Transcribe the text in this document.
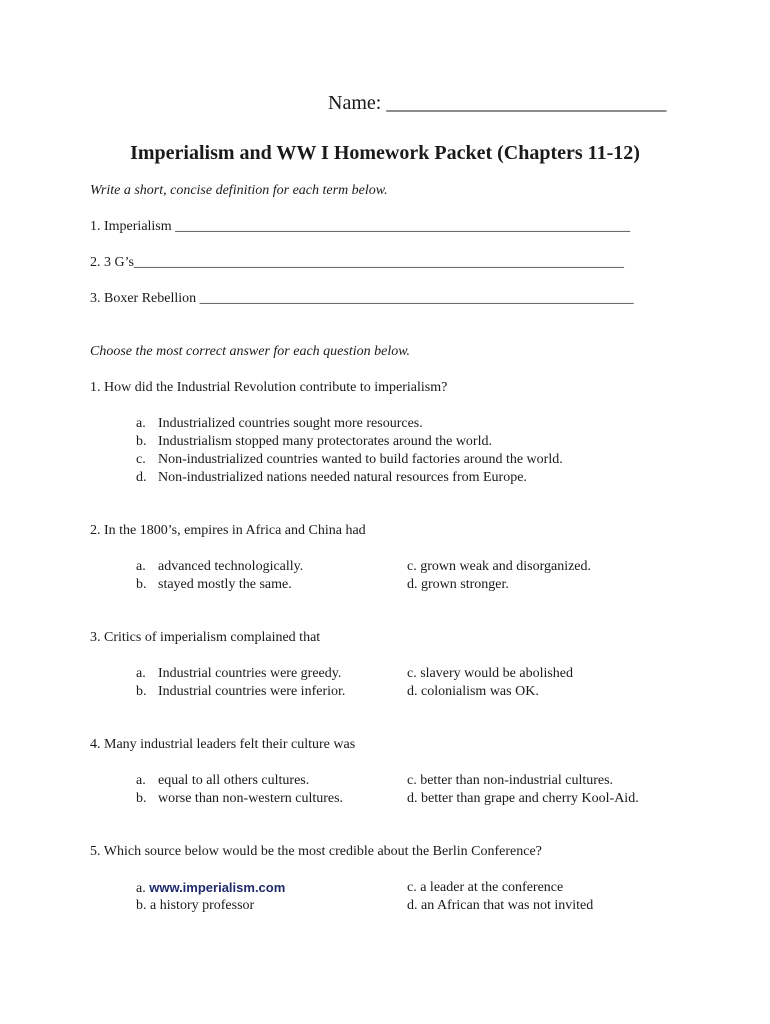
Name: ____________________________
Imperialism and WW I Homework Packet (Chapters 11-12)
Write a short, concise definition for each term below.
1. Imperialism _________________________________________________________________
2. 3 G’s______________________________________________________________________
3. Boxer Rebellion ______________________________________________________________
Choose the most correct answer for each question below.
1. How did the Industrial Revolution contribute to imperialism?
a. Industrialized countries sought more resources.
b. Industrialism stopped many protectorates around the world.
c. Non-industrialized countries wanted to build factories around the world.
d. Non-industrialized nations needed natural resources from Europe.
2. In the 1800’s, empires in Africa and China had
a. advanced technologically.
b. stayed mostly the same.
c. grown weak and disorganized.
d. grown stronger.
3. Critics of imperialism complained that
a. Industrial countries were greedy.
b. Industrial countries were inferior.
c. slavery would be abolished
d. colonialism was OK.
4. Many industrial leaders felt their culture was
a. equal to all others cultures.
b. worse than non-western cultures.
c. better than non-industrial cultures.
d. better than grape and cherry Kool-Aid.
5. Which source below would be the most credible about the Berlin Conference?
a. www.imperialism.com
b. a history professor
c. a leader at the conference
d. an African that was not invited
